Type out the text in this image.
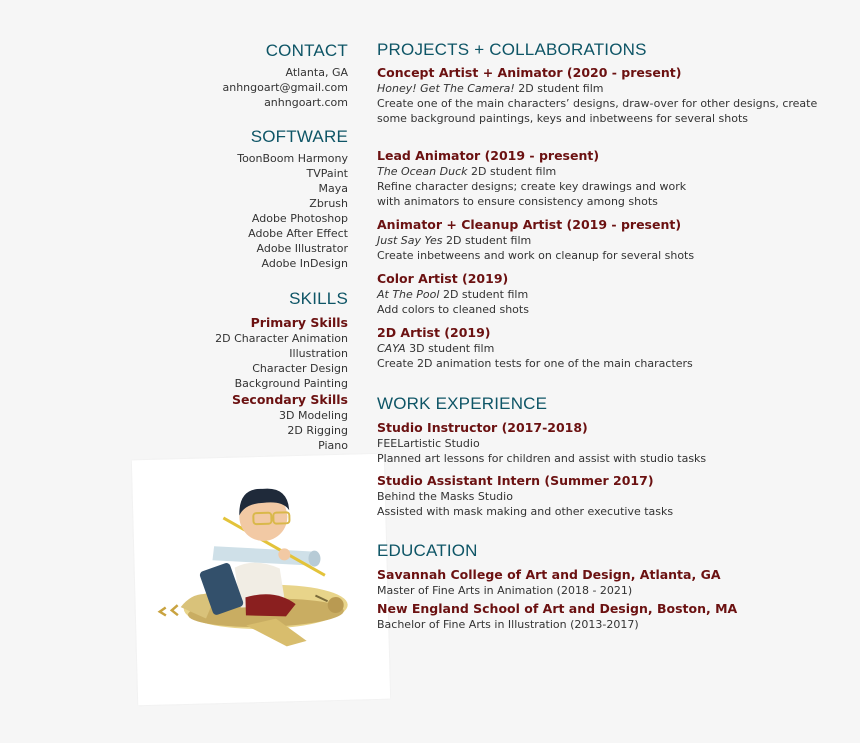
CONTACT
Atlanta, GA
anhngoart@gmail.com
anhngoart.com
SOFTWARE
ToonBoom Harmony
TVPaint
Maya
Zbrush
Adobe Photoshop
Adobe After Effect
Adobe Illustrator
Adobe InDesign
SKILLS
Primary Skills
2D Character Animation
Illustration
Character Design
Background Painting
Secondary Skills
3D Modeling
2D Rigging
Piano
PROJECTS + COLLABORATIONS
Concept Artist + Animator (2020 - present)
Honey! Get The Camera! 2D student film
Create one of the main characters’ designs, draw-over for other designs, create some background paintings, keys and inbetweens for several shots
Lead Animator (2019 - present)
The Ocean Duck 2D student film
Refine character designs; create key drawings and work with animators to ensure consistency among shots
Animator + Cleanup Artist (2019 - present)
Just Say Yes 2D student film
Create inbetweens and work on cleanup for several shots
Color Artist (2019)
At The Pool 2D student film
Add colors to cleaned shots
2D Artist (2019)
CAYA 3D student film
Create 2D animation tests for one of the main characters
WORK EXPERIENCE
Studio Instructor (2017-2018)
FEELartistic Studio
Planned art lessons for children and assist with studio tasks
Studio Assistant Intern (Summer 2017)
Behind the Masks Studio
Assisted with mask making and other executive tasks
EDUCATION
Savannah College of Art and Design, Atlanta, GA
Master of Fine Arts in Animation (2018 - 2021)
New England School of Art and Design, Boston, MA
Bachelor of Fine Arts in Illustration (2013-2017)
